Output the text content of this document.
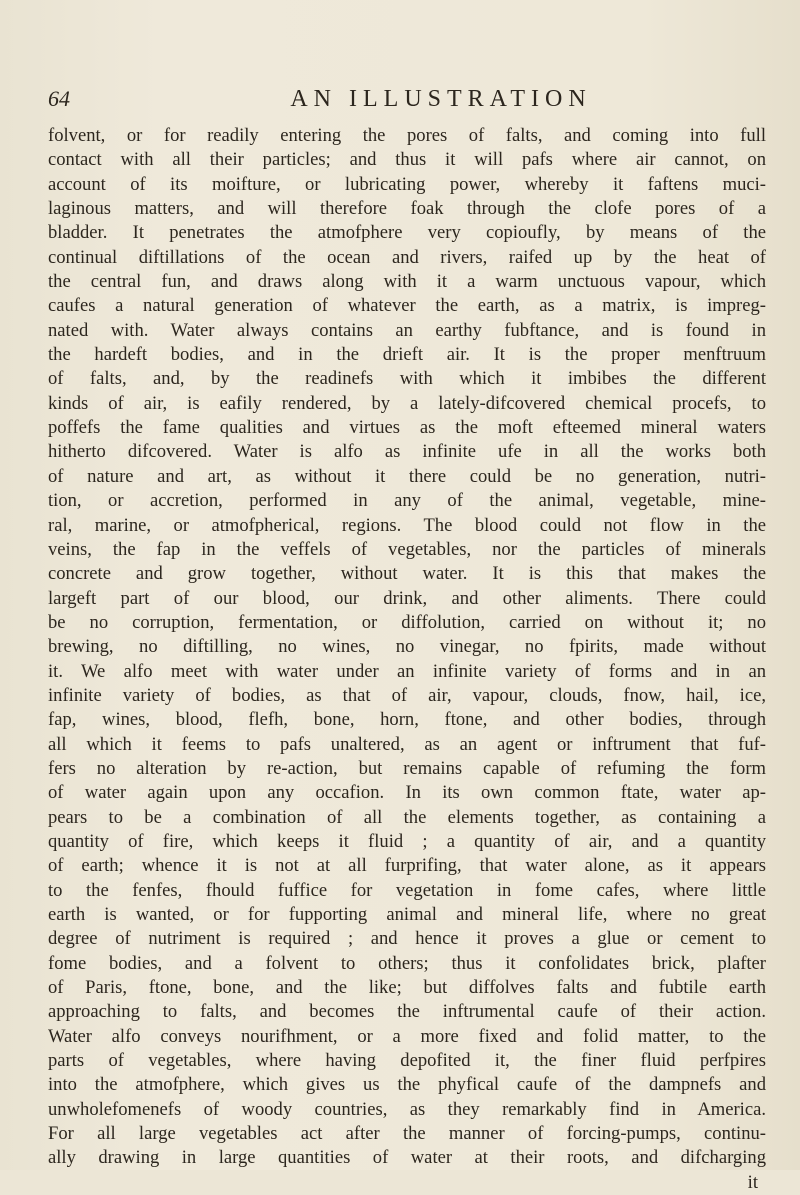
64	AN ILLUSTRATION
folvent, or for readily entering the pores of falts, and coming into full
contact with all their particles; and thus it will pafs where air cannot, on
account of its moifture, or lubricating power, whereby it faftens muci-
laginous matters, and will therefore foak through the clofe pores of a
bladder. It penetrates the atmofphere very copioufly, by means of the
continual diftillations of the ocean and rivers, raifed up by the heat of
the central fun, and draws along with it a warm unctuous vapour, which
caufes a natural generation of whatever the earth, as a matrix, is impreg-
nated with. Water always contains an earthy fubftance, and is found in
the hardeft bodies, and in the drieft air. It is the proper menftruum
of falts, and, by the readinefs with which it imbibes the different
kinds of air, is eafily rendered, by a lately-difcovered chemical procefs, to
poffefs the fame qualities and virtues as the moft efteemed mineral waters
hitherto difcovered. Water is alfo as infinite ufe in all the works both
of nature and art, as without it there could be no generation, nutri-
tion, or accretion, performed in any of the animal, vegetable, mine-
ral, marine, or atmofpherical, regions. The blood could not flow in the
veins, the fap in the veffels of vegetables, nor the particles of minerals
concrete and grow together, without water. It is this that makes the
largeft part of our blood, our drink, and other aliments. There could
be no corruption, fermentation, or diffolution, carried on without it; no
brewing, no diftilling, no wines, no vinegar, no fpirits, made without
it. We alfo meet with water under an infinite variety of forms and in an
infinite variety of bodies, as that of air, vapour, clouds, fnow, hail, ice,
fap, wines, blood, flefh, bone, horn, ftone, and other bodies, through
all which it feems to pafs unaltered, as an agent or inftrument that fuf-
fers no alteration by re-action, but remains capable of refuming the form
of water again upon any occafion. In its own common ftate, water ap-
pears to be a combination of all the elements together, as containing a
quantity of fire, which keeps it fluid ; a quantity of air, and a quantity
of earth; whence it is not at all furprifing, that water alone, as it appears
to the fenfes, fhould fuffice for vegetation in fome cafes, where little
earth is wanted, or for fupporting animal and mineral life, where no great
degree of nutriment is required ; and hence it proves a glue or cement to
fome bodies, and a folvent to others; thus it confolidates brick, plafter
of Paris, ftone, bone, and the like; but diffolves falts and fubtile earth
approaching to falts, and becomes the inftrumental caufe of their action.
Water alfo conveys nourifhment, or a more fixed and folid matter, to the
parts of vegetables, where having depofited it, the finer fluid perfpires
into the atmofphere, which gives us the phyfical caufe of the dampnefs and
unwholefomenefs of woody countries, as they remarkably find in America.
For all large vegetables act after the manner of forcing-pumps, continu-
ally drawing in large quantities of water at their roots, and difcharging
it
